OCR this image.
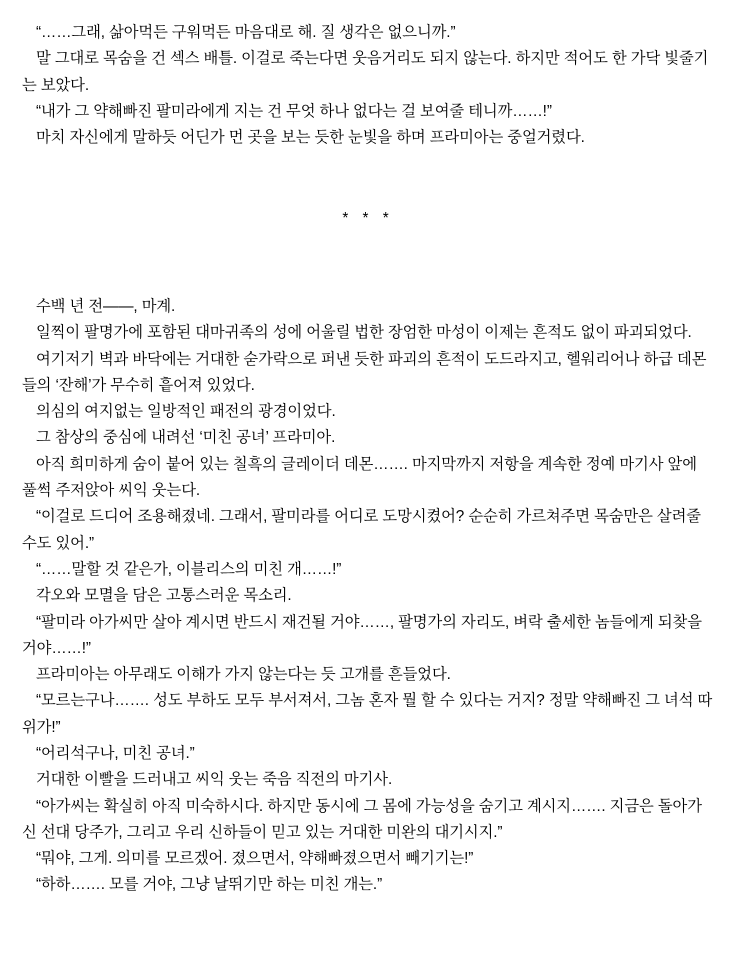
“……그래, 삶아먹든 구워먹든 마음대로 해. 질 생각은 없으니까.”

말 그대로 목숨을 건 섹스 배틀. 이걸로 죽는다면 웃음거리도 되지 않는다. 하지만 적어도 한 가닥 빛줄기는 보았다.

“내가 그 약해빠진 팔미라에게 지는 건 무엇 하나 없다는 걸 보여줄 테니까……!”

마치 자신에게 말하듯 어딘가 먼 곳을 보는 듯한 눈빛을 하며 프라미아는 중얼거렸다.

* * *

수백 년 전——, 마계.

일찍이 팔명가에 포함된 대마귀족의 성에 어울릴 법한 장엄한 마성이 이제는 흔적도 없이 파괴되었다.

여기저기 벽과 바닥에는 거대한 숟가락으로 퍼낸 듯한 파괴의 흔적이 도드라지고, 헬워리어나 하급 데몬들의 ‘잔해’가 무수히 흩어져 있었다.

의심의 여지없는 일방적인 패전의 광경이었다.

그 참상의 중심에 내려선 ‘미친 공녀’ 프라미아.

아직 희미하게 숨이 붙어 있는 칠흑의 글레이더 데몬……. 마지막까지 저항을 계속한 정예 마기사 앞에 풀썩 주저앉아 씨익 웃는다.

“이걸로 드디어 조용해졌네. 그래서, 팔미라를 어디로 도망시켰어? 순순히 가르쳐주면 목숨만은 살려줄 수도 있어.”

“……말할 것 같은가, 이블리스의 미친 개……!”

각오와 모멸을 담은 고통스러운 목소리.

“팔미라 아가씨만 살아 계시면 반드시 재건될 거야……, 팔명가의 자리도, 벼락 출세한 놈들에게 되찾을 거야……!”

프라미아는 아무래도 이해가 가지 않는다는 듯 고개를 흔들었다.

“모르는구나……. 성도 부하도 모두 부서져서, 그놈 혼자 뭘 할 수 있다는 거지? 정말 약해빠진 그 녀석 따위가!”

“어리석구나, 미친 공녀.”

거대한 이빨을 드러내고 씨익 웃는 죽음 직전의 마기사.

“아가씨는 확실히 아직 미숙하시다. 하지만 동시에 그 몸에 가능성을 숨기고 계시지……. 지금은 돌아가신 선대 당주가, 그리고 우리 신하들이 믿고 있는 거대한 미완의 대기시지.”

“뭐야, 그게. 의미를 모르겠어. 졌으면서, 약해빠졌으면서 빼기기는!”

“하하……. 모를 거야, 그냥 날뛰기만 하는 미친 개는.”
